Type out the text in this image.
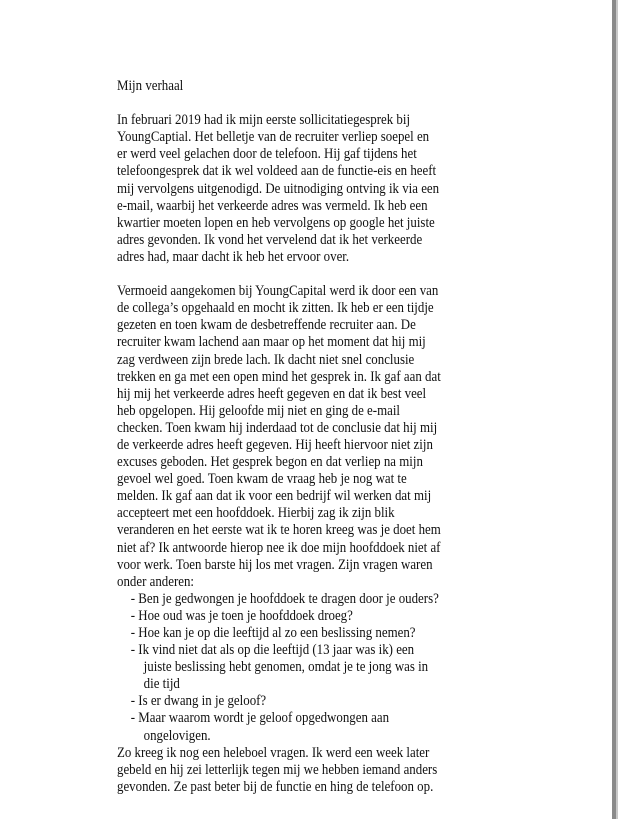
Mijn verhaal
In februari 2019 had ik mijn eerste sollicitatiegesprek bij
YoungCaptial. Het belletje van de recruiter verliep soepel en
er werd veel gelachen door de telefoon. Hij gaf tijdens het
telefoongesprek dat ik wel voldeed aan de functie-eis en heeft
mij vervolgens uitgenodigd. De uitnodiging ontving ik via een
e-mail, waarbij het verkeerde adres was vermeld. Ik heb een
kwartier moeten lopen en heb vervolgens op google het juiste
adres gevonden. Ik vond het vervelend dat ik het verkeerde
adres had, maar dacht ik heb het ervoor over.
Vermoeid aangekomen bij YoungCapital werd ik door een van
de collega’s opgehaald en mocht ik zitten. Ik heb er een tijdje
gezeten en toen kwam de desbetreffende recruiter aan. De
recruiter kwam lachend aan maar op het moment dat hij mij
zag verdween zijn brede lach. Ik dacht niet snel conclusie
trekken en ga met een open mind het gesprek in. Ik gaf aan dat
hij mij het verkeerde adres heeft gegeven en dat ik best veel
heb opgelopen. Hij geloofde mij niet en ging de e-mail
checken. Toen kwam hij inderdaad tot de conclusie dat hij mij
de verkeerde adres heeft gegeven. Hij heeft hiervoor niet zijn
excuses geboden. Het gesprek begon en dat verliep na mijn
gevoel wel goed. Toen kwam de vraag heb je nog wat te
melden. Ik gaf aan dat ik voor een bedrijf wil werken dat mij
accepteert met een hoofddoek. Hierbij zag ik zijn blik
veranderen en het eerste wat ik te horen kreeg was je doet hem
niet af? Ik antwoorde hierop nee ik doe mijn hoofddoek niet af
voor werk. Toen barste hij los met vragen. Zijn vragen waren
onder anderen:
- Ben je gedwongen je hoofddoek te dragen door je ouders?
- Hoe oud was je toen je hoofddoek droeg?
- Hoe kan je op die leeftijd al zo een beslissing nemen?
- Ik vind niet dat als op die leeftijd (13 jaar was ik) een
juiste beslissing hebt genomen, omdat je te jong was in
die tijd
- Is er dwang in je geloof?
- Maar waarom wordt je geloof opgedwongen aan
ongelovigen.
Zo kreeg ik nog een heleboel vragen. Ik werd een week later
gebeld en hij zei letterlijk tegen mij we hebben iemand anders
gevonden. Ze past beter bij de functie en hing de telefoon op.
